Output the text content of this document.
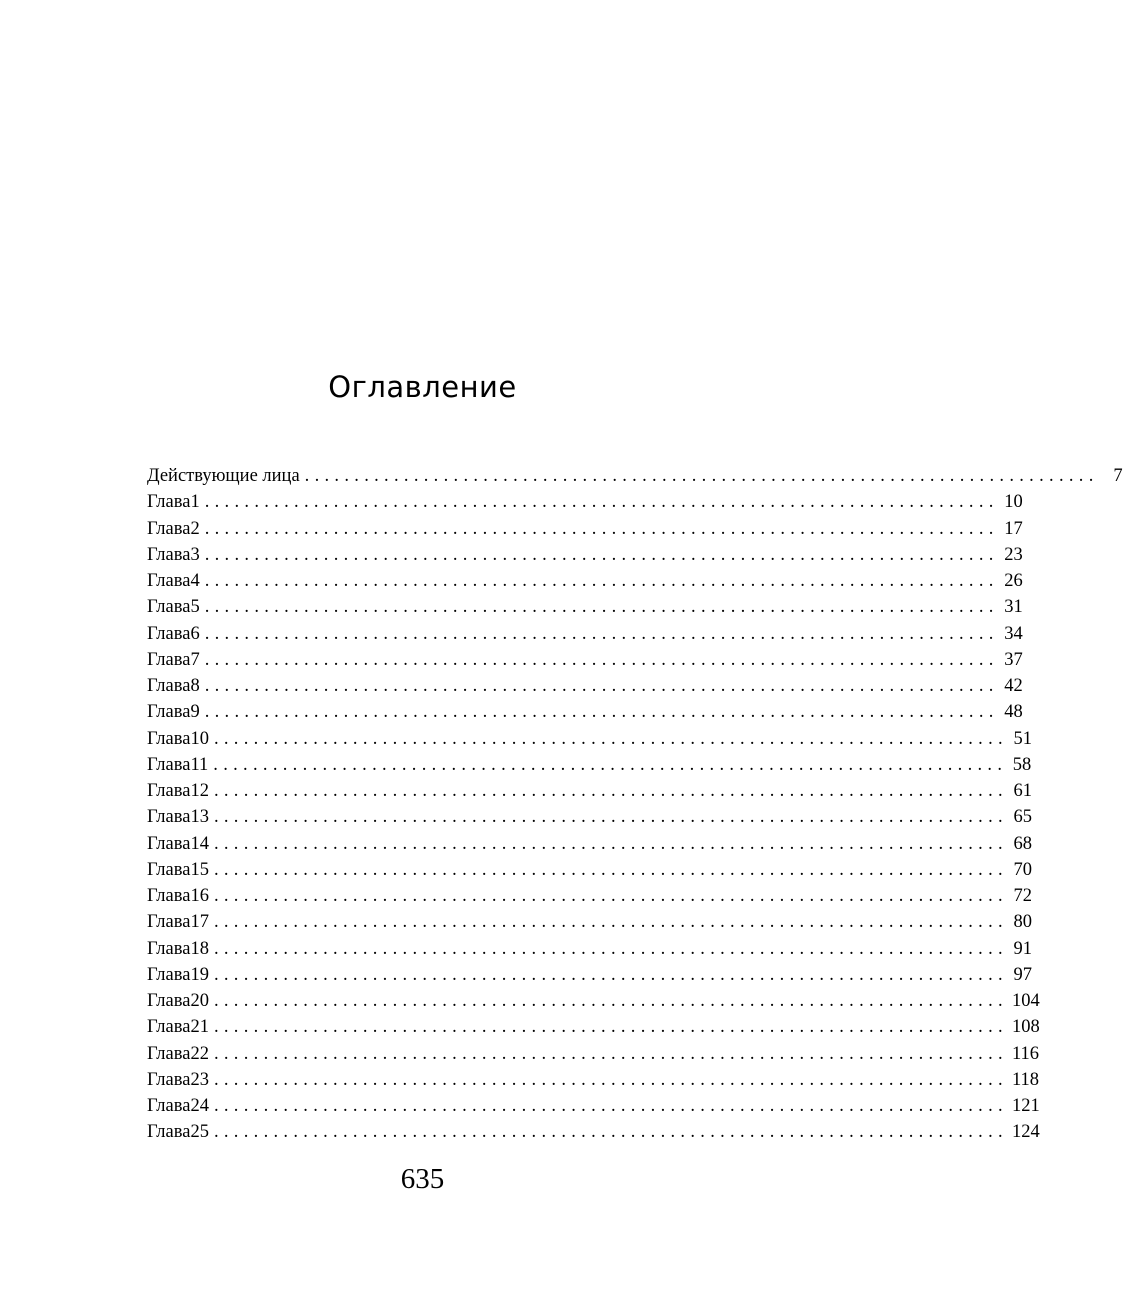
Оглавление
Действующие лица ................................................................................ 7
Глава 1 ................................................................................ 10
Глава 2 ................................................................................ 17
Глава 3 ................................................................................ 23
Глава 4 ................................................................................ 26
Глава 5 ................................................................................ 31
Глава 6 ................................................................................ 34
Глава 7 ................................................................................ 37
Глава 8 ................................................................................ 42
Глава 9 ................................................................................ 48
Глава 10 ................................................................................ 51
Глава 11 ................................................................................ 58
Глава 12 ................................................................................ 61
Глава 13 ................................................................................ 65
Глава 14 ................................................................................ 68
Глава 15 ................................................................................ 70
Глава 16 ................................................................................ 72
Глава 17 ................................................................................ 80
Глава 18 ................................................................................ 91
Глава 19 ................................................................................ 97
Глава 20 ................................................................................ 104
Глава 21 ................................................................................ 108
Глава 22 ................................................................................ 116
Глава 23 ................................................................................ 118
Глава 24 ................................................................................ 121
Глава 25 ................................................................................ 124
635
